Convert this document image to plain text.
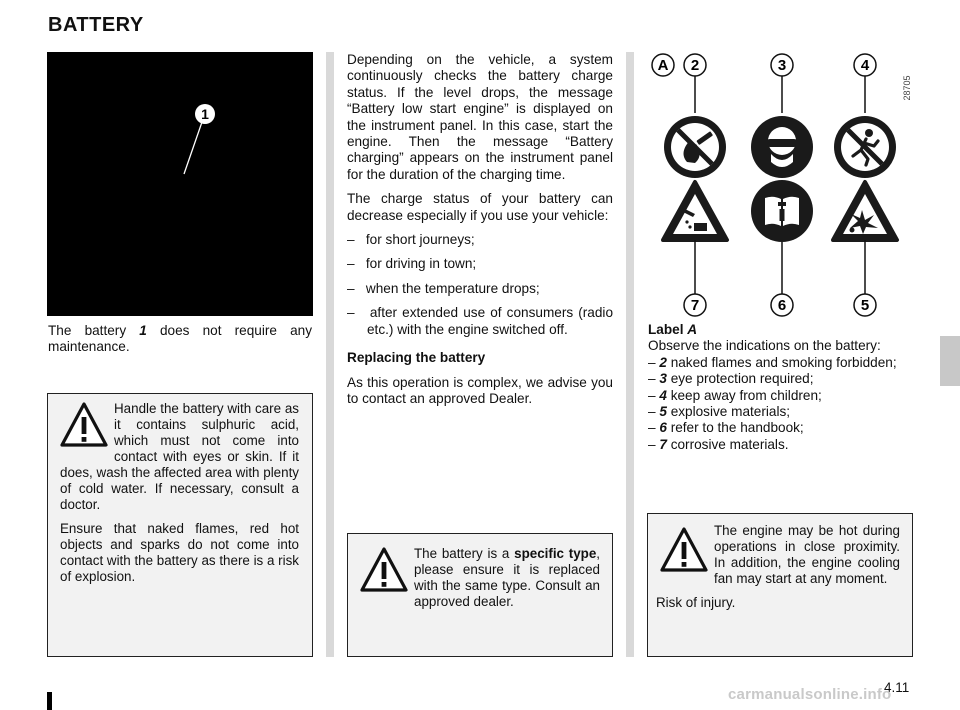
BATTERY
1

The battery 1 does not require any maintenance.

Handle the battery with care as it contains sulphuric acid, which must not come into contact with eyes or skin. If it does, wash the affected area with plenty of cold water. If necessary, consult a doctor.

Ensure that naked flames, red hot objects and sparks do not come into contact with the battery as there is a risk of explosion.

Depending on the vehicle, a system continuously checks the battery charge status. If the level drops, the message “Battery low start engine” is displayed on the instrument panel. In this case, start the engine. Then the message “Battery charging” appears on the instrument panel for the duration of the charging time.

The charge status of your battery can decrease especially if you use your vehicle:

–   for short journeys;

–   for driving in town;

–   when the temperature drops;

–   after extended use of consumers (radio etc.) with the engine switched off.

Replacing the battery

As this operation is complex, we advise you to contact an approved Dealer.

The battery is a specific type, please ensure it is replaced with the same type. Consult an approved dealer.

A 2	3	4
28705
7	6	5
Label A
Observe the indications on the battery:
– 2 naked flames and smoking forbidden;
– 3 eye protection required;
– 4 keep away from children;
– 5 explosive materials;
– 6 refer to the handbook;
– 7 corrosive materials.

The engine may be hot during operations in close proximity. In addition, the engine cooling fan may start at any moment.

Risk of injury.

4.11
carmanualsonline.info
